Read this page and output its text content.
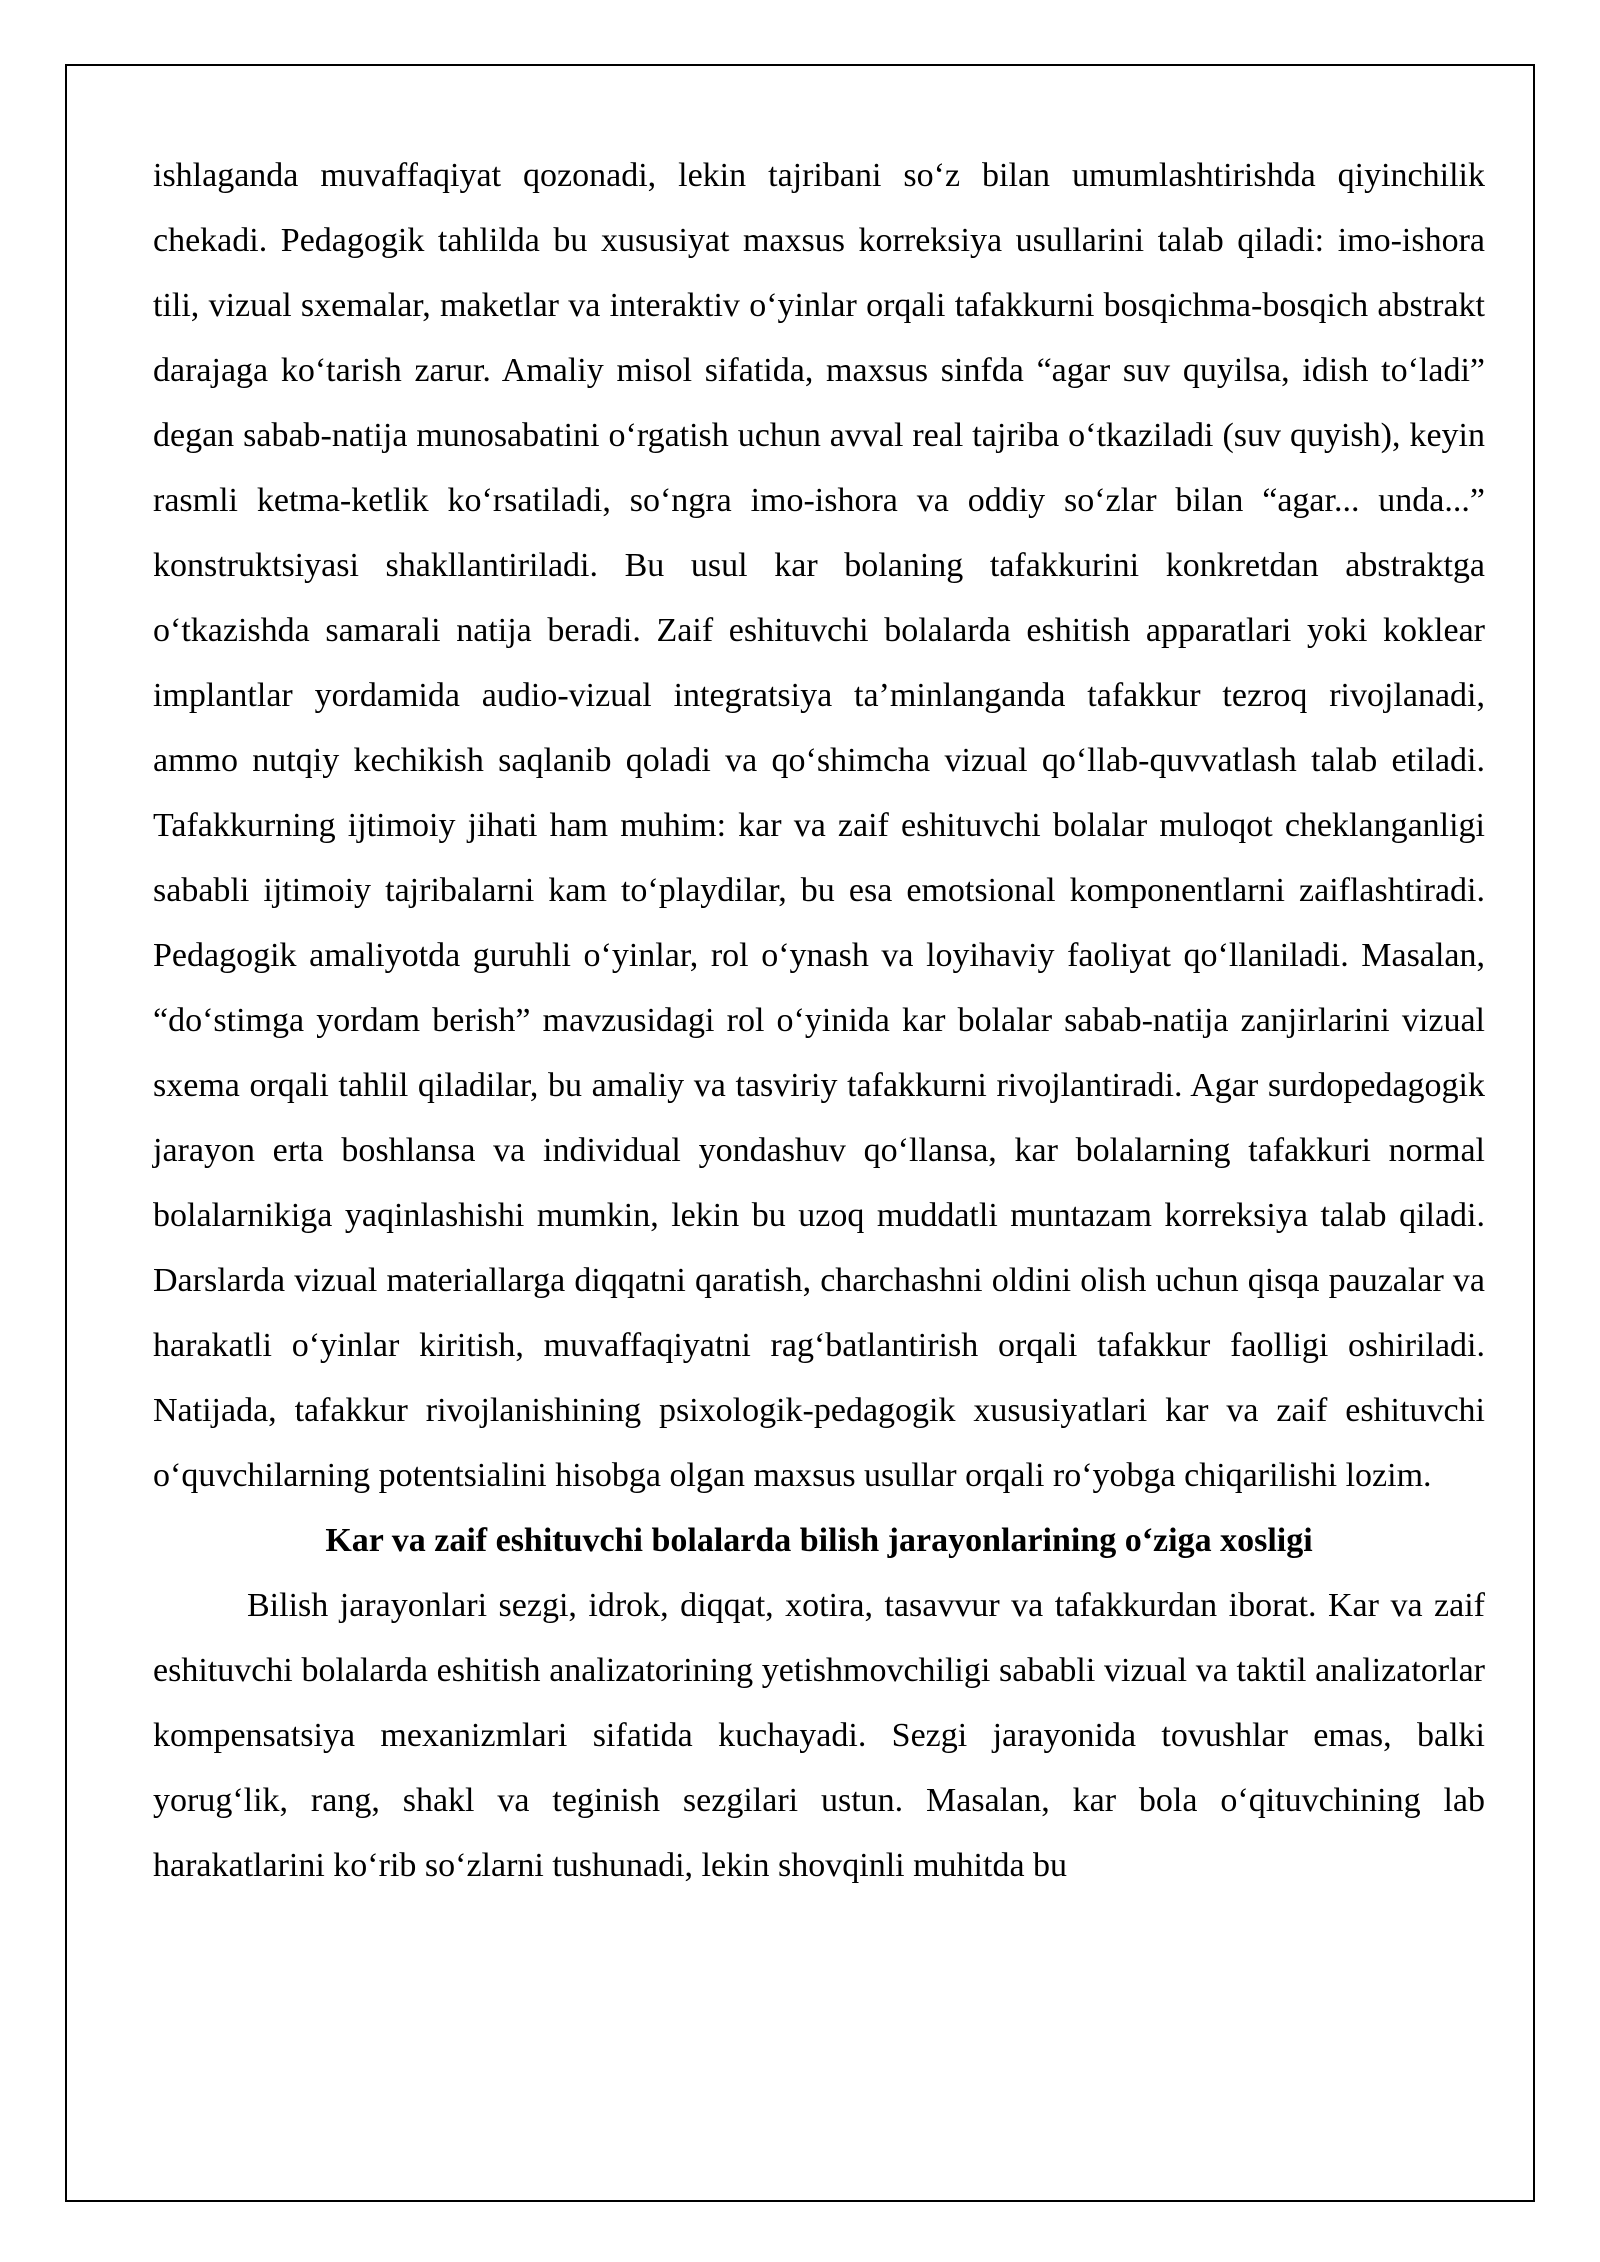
ishlaganda muvaffaqiyat qozonadi, lekin tajribani so‘z bilan umumlashtirishda qiyinchilik chekadi. Pedagogik tahlilda bu xususiyat maxsus korreksiya usullarini talab qiladi: imo-ishora tili, vizual sxemalar, maketlar va interaktiv o‘yinlar orqali tafakkurni bosqichma-bosqich abstrakt darajaga ko‘tarish zarur. Amaliy misol sifatida, maxsus sinfda “agar suv quyilsa, idish to‘ladi” degan sabab-natija munosabatini o‘rgatish uchun avval real tajriba o‘tkaziladi (suv quyish), keyin rasmli ketma-ketlik ko‘rsatiladi, so‘ngra imo-ishora va oddiy so‘zlar bilan “agar... unda...” konstruktsiyasi shakllantiriladi. Bu usul kar bolaning tafakkurini konkretdan abstraktga o‘tkazishda samarali natija beradi. Zaif eshituvchi bolalarda eshitish apparatlari yoki koklear implantlar yordamida audio-vizual integratsiya ta’minlanganda tafakkur tezroq rivojlanadi, ammo nutqiy kechikish saqlanib qoladi va qo‘shimcha vizual qo‘llab-quvvatlash talab etiladi. Tafakkurning ijtimoiy jihati ham muhim: kar va zaif eshituvchi bolalar muloqot cheklanganligi sababli ijtimoiy tajribalarni kam to‘playdilar, bu esa emotsional komponentlarni zaiflashtiradi. Pedagogik amaliyotda guruhli o‘yinlar, rol o‘ynash va loyihaviy faoliyat qo‘llaniladi. Masalan, “do‘stimga yordam berish” mavzusidagi rol o‘yinida kar bolalar sabab-natija zanjirlarini vizual sxema orqali tahlil qiladilar, bu amaliy va tasviriy tafakkurni rivojlantiradi. Agar surdopedagogik jarayon erta boshlansa va individual yondashuv qo‘llansa, kar bolalarning tafakkuri normal bolalarnikiga yaqinlashishi mumkin, lekin bu uzoq muddatli muntazam korreksiya talab qiladi. Darslarda vizual materiallarga diqqatni qaratish, charchashni oldini olish uchun qisqa pauzalar va harakatli o‘yinlar kiritish, muvaffaqiyatni rag‘batlantirish orqali tafakkur faolligi oshiriladi. Natijada, tafakkur rivojlanishining psixologik-pedagogik xususiyatlari kar va zaif eshituvchi o‘quvchilarning potentsialini hisobga olgan maxsus usullar orqali ro‘yobga chiqarilishi lozim.

Kar va zaif eshituvchi bolalarda bilish jarayonlarining o‘ziga xosligi

Bilish jarayonlari sezgi, idrok, diqqat, xotira, tasavvur va tafakkurdan iborat. Kar va zaif eshituvchi bolalarda eshitish analizatorining yetishmovchiligi sababli vizual va taktil analizatorlar kompensatsiya mexanizmlari sifatida kuchayadi. Sezgi jarayonida tovushlar emas, balki yorug‘lik, rang, shakl va teginish sezgilari ustun. Masalan, kar bola o‘qituvchining lab harakatlarini ko‘rib so‘zlarni tushunadi, lekin shovqinli muhitda bu
